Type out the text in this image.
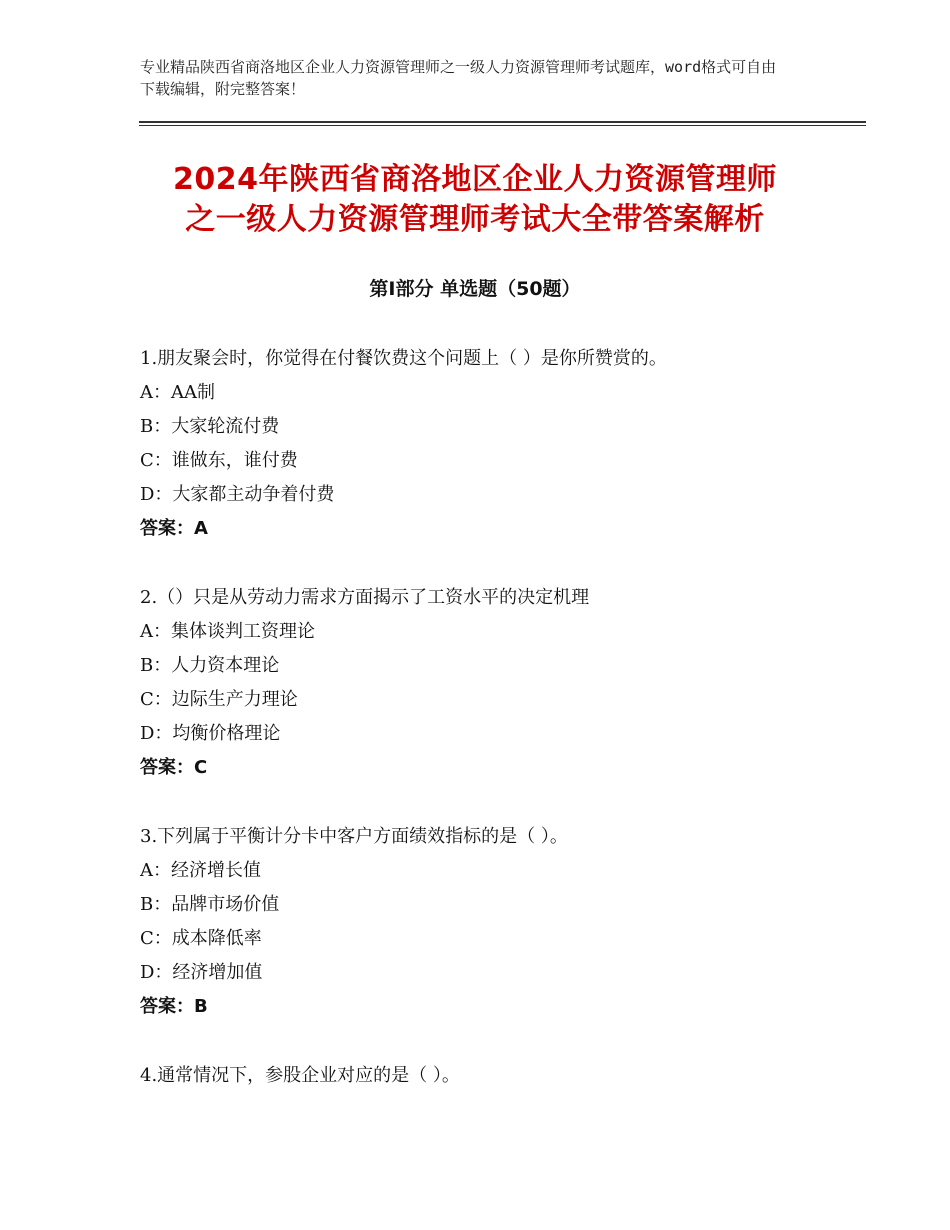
专业精品陕西省商洛地区企业人力资源管理师之一级人力资源管理师考试题库，word格式可自由下载编辑，附完整答案！
2024年陕西省商洛地区企业人力资源管理师
之一级人力资源管理师考试大全带答案解析
第Ⅰ部分 单选题（50题）
1.朋友聚会时，你觉得在付餐饮费这个问题上（ ）是你所赞赏的。
A：AA制
B：大家轮流付费
C：谁做东，谁付费
D：大家都主动争着付费
答案：A
2.（）只是从劳动力需求方面揭示了工资水平的决定机理
A：集体谈判工资理论
B：人力资本理论
C：边际生产力理论
D：均衡价格理论
答案：C
3.下列属于平衡计分卡中客户方面绩效指标的是（ ）。
A：经济增长值
B：品牌市场价值
C：成本降低率
D：经济增加值
答案：B
4.通常情况下，参股企业对应的是（ ）。
